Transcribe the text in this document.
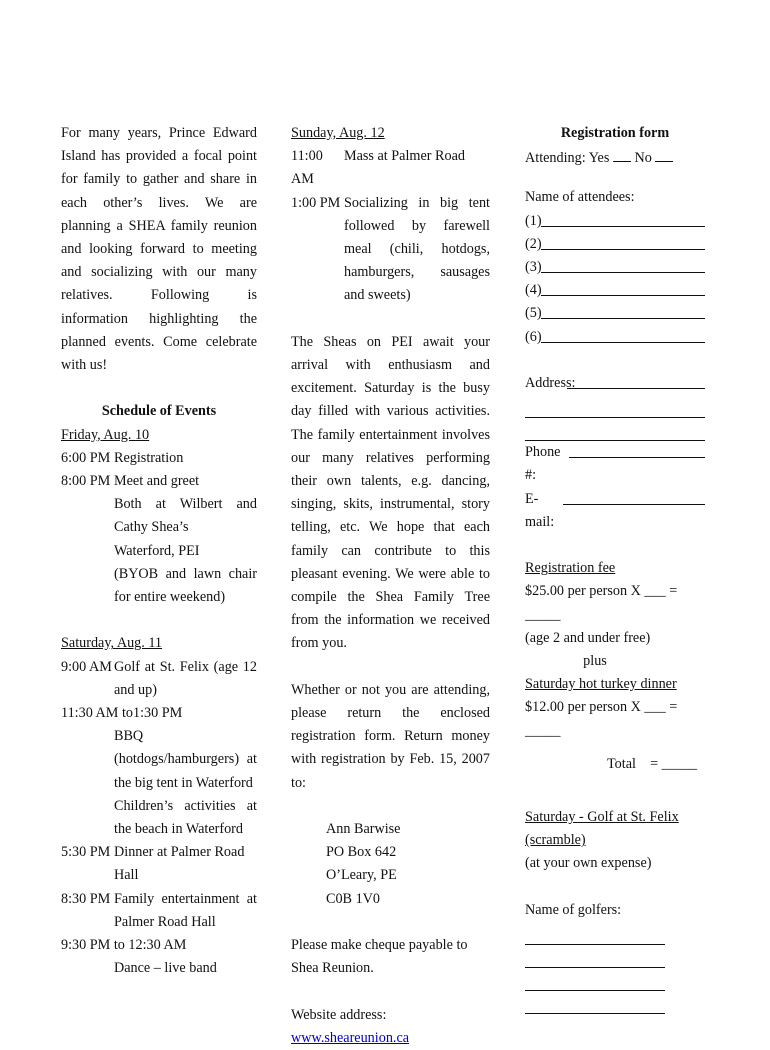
For many years, Prince Edward Island has provided a focal point for family to gather and share in each other’s lives. We are planning a SHEA family reunion and looking forward to meeting and socializing with our many relatives. Following is information highlighting the planned events. Come celebrate with us!

Schedule of Events

Friday, Aug. 10

6:00 PM Registration
8:00 PM Meet and greet

Both at Wilbert and Cathy Shea’s

Waterford, PEI

(BYOB and lawn chair for entire weekend)

Saturday, Aug. 11

9:00 AM Golf at St. Felix (age 12 and up)

11:30 AM to1:30 PM

BBQ (hotdogs/hamburgers) at the big tent in Waterford

Children’s activities at the beach in Waterford

5:30 PM Dinner at Palmer Road Hall
8:30 PM Family entertainment at Palmer Road Hall

9:30 PM to 12:30 AM

Dance – live band

Sunday, Aug. 12

11:00 AM
Mass at Palmer Road
1:00 PM Socializing in big tent followed by farewell meal (chili, hotdogs, hamburgers, sausages and sweets)

The Sheas on PEI await your arrival with enthusiasm and excitement. Saturday is the busy day filled with various activities. The family entertainment involves our many relatives performing their own talents, e.g. dancing, singing, skits, instrumental, story telling, etc. We hope that each family can contribute to this pleasant evening. We were able to compile the Shea Family Tree from the information we received from you.

Whether or not you are attending, please return the enclosed registration form. Return money with registration by Feb. 15, 2007 to:

Ann Barwise

PO Box 642

O’Leary, PE

C0B 1V0

Please make cheque payable to Shea Reunion.

Website address: www.sheareunion.ca

Registration form

Attending: Yes No

Name of attendees:

(1)
(2)
(3)
(4)
(5)
(6)
Address:
Phone #:
E-mail:

Registration fee

$25.00 per person X ___ = _____

(age 2 and under free)

plus

Saturday hot turkey dinner

$12.00 per person X ___ = _____

Total    = _____

Saturday - Golf at St. Felix (scramble)

(at your own expense)

Name of golfers:
